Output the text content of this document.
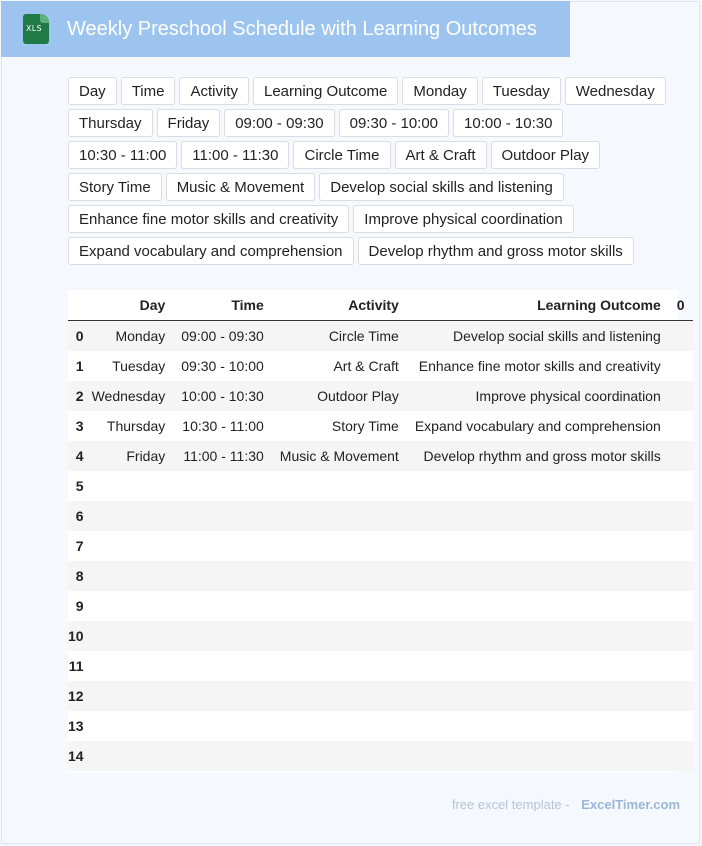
XLS Weekly Preschool Schedule with Learning Outcomes
Day	Time	Activity	Learning Outcome	Monday	Tuesday	Wednesday
Thursday	Friday	09:00 - 09:30	09:30 - 10:00	10:00 - 10:30
10:30 - 11:00	11:00 - 11:30	Circle Time	Art & Craft	Outdoor Play
Story Time	Music & Movement	Develop social skills and listening
Enhance fine motor skills and creativity	Improve physical coordination
Expand vocabulary and comprehension	Develop rhythm and gross motor skills
	Day	Time	Activity	Learning Outcome	0
0	Monday	09:00 - 09:30	Circle Time	Develop social skills and listening	
1	Tuesday	09:30 - 10:00	Art & Craft	Enhance fine motor skills and creativity	
2	Wednesday	10:00 - 10:30	Outdoor Play	Improve physical coordination	
3	Thursday	10:30 - 11:00	Story Time	Expand vocabulary and comprehension	
4	Friday	11:00 - 11:30	Music & Movement	Develop rhythm and gross motor skills	
5					
6					
7					
8					
9					
10					
11					
12					
13					
14					
free excel template - ExcelTimer.com
